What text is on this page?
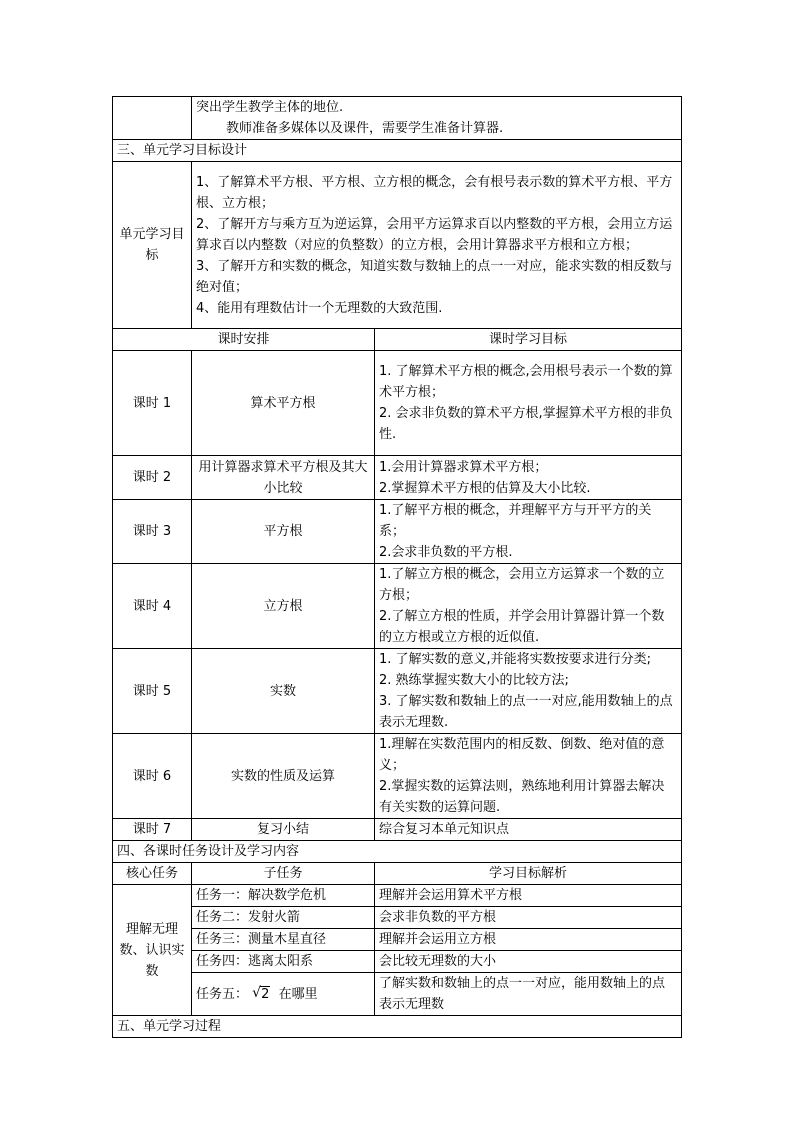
	突出学生教学主体的地位.

教师准备多媒体以及课件，需要学生准备计算器.	

三、单元学习目标设计		
单元学习目标	1、了解算术平方根、平方根、立方根的概念，会有根号表示数的算术平方根、平方根、立方根；

2、了解开方与乘方互为逆运算，会用平方运算求百以内整数的平方根，会用立方运算求百以内整数（对应的负整数）的立方根，会用计算器求平方根和立方根；

3、了解开方和实数的概念，知道实数与数轴上的点一一对应，能求实数的相反数与绝对值；

4、能用有理数估计一个无理数的大致范围.	

课时安排		课时学习目标
课时 1	算术平方根	1. 了解算术平方根的概念,会用根号表示一个数的算术平方根；

2. 会求非负数的算术平方根,掌握算术平方根的非负性.

课时 2	用计算器求算术平方根及其大小比较	1.会用计算器求算术平方根；

2.掌握算术平方根的估算及大小比较.

课时 3	平方根	1.了解平方根的概念，并理解平方与开平方的关系；

2.会求非负数的平方根.

课时 4	立方根	1.了解立方根的概念，会用立方运算求一个数的立方根；

2.了解立方根的性质，并学会用计算器计算一个数的立方根或立方根的近似值.

课时 5	实数	1. 了解实数的意义,并能将实数按要求进行分类;

2. 熟练掌握实数大小的比较方法;

3. 了解实数和数轴上的点一一对应,能用数轴上的点表示无理数.

课时 6	实数的性质及运算	1.理解在实数范围内的相反数、倒数、绝对值的意义；

2.掌握实数的运算法则，熟练地利用计算器去解决有关实数的运算问题.

课时 7	复习小结	综合复习本单元知识点

四、各课时任务设计及学习内容		
核心任务	子任务	学习目标解析
理解无理数、认识实数	任务一：解决数学危机	理解并会运用算术平方根
	任务二：发射火箭	会求非负数的平方根
	任务三：测量木星直径	理解并会运用立方根
	任务四：逃离太阳系	会比较无理数的大小
	任务五： √ 2 在哪里	了解实数和数轴上的点一一对应，能用数轴上的点表示无理数
五、单元学习过程		
